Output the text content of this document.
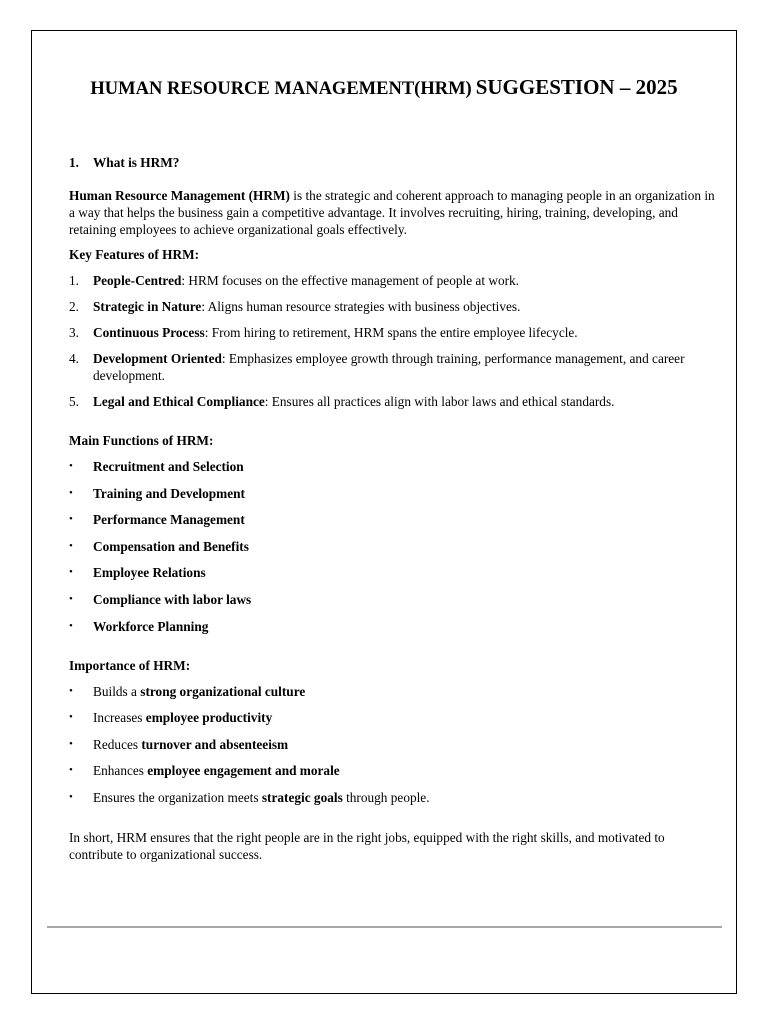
HUMAN RESOURCE MANAGEMENT(HRM) SUGGESTION – 2025
1.	What is HRM?

Human Resource Management (HRM) is the strategic and coherent approach to managing people in an organization in a way that helps the business gain a competitive advantage. It involves recruiting, hiring, training, developing, and retaining employees to achieve organizational goals effectively.

Key Features of HRM:
1.	People-Centred: HRM focuses on the effective management of people at work.
2.	Strategic in Nature: Aligns human resource strategies with business objectives.
3.	Continuous Process: From hiring to retirement, HRM spans the entire employee lifecycle.
4.	Development Oriented: Emphasizes employee growth through training, performance management, and career development.
5.	Legal and Ethical Compliance: Ensures all practices align with labor laws and ethical standards.
Main Functions of HRM:
•	Recruitment and Selection
•	Training and Development
•	Performance Management
•	Compensation and Benefits
•	Employee Relations
•	Compliance with labor laws
•	Workforce Planning
Importance of HRM:
•	Builds a strong organizational culture
•	Increases employee productivity
•	Reduces turnover and absenteeism
•	Enhances employee engagement and morale
•	Ensures the organization meets strategic goals through people.

In short, HRM ensures that the right people are in the right jobs, equipped with the right skills, and motivated to contribute to organizational success.
